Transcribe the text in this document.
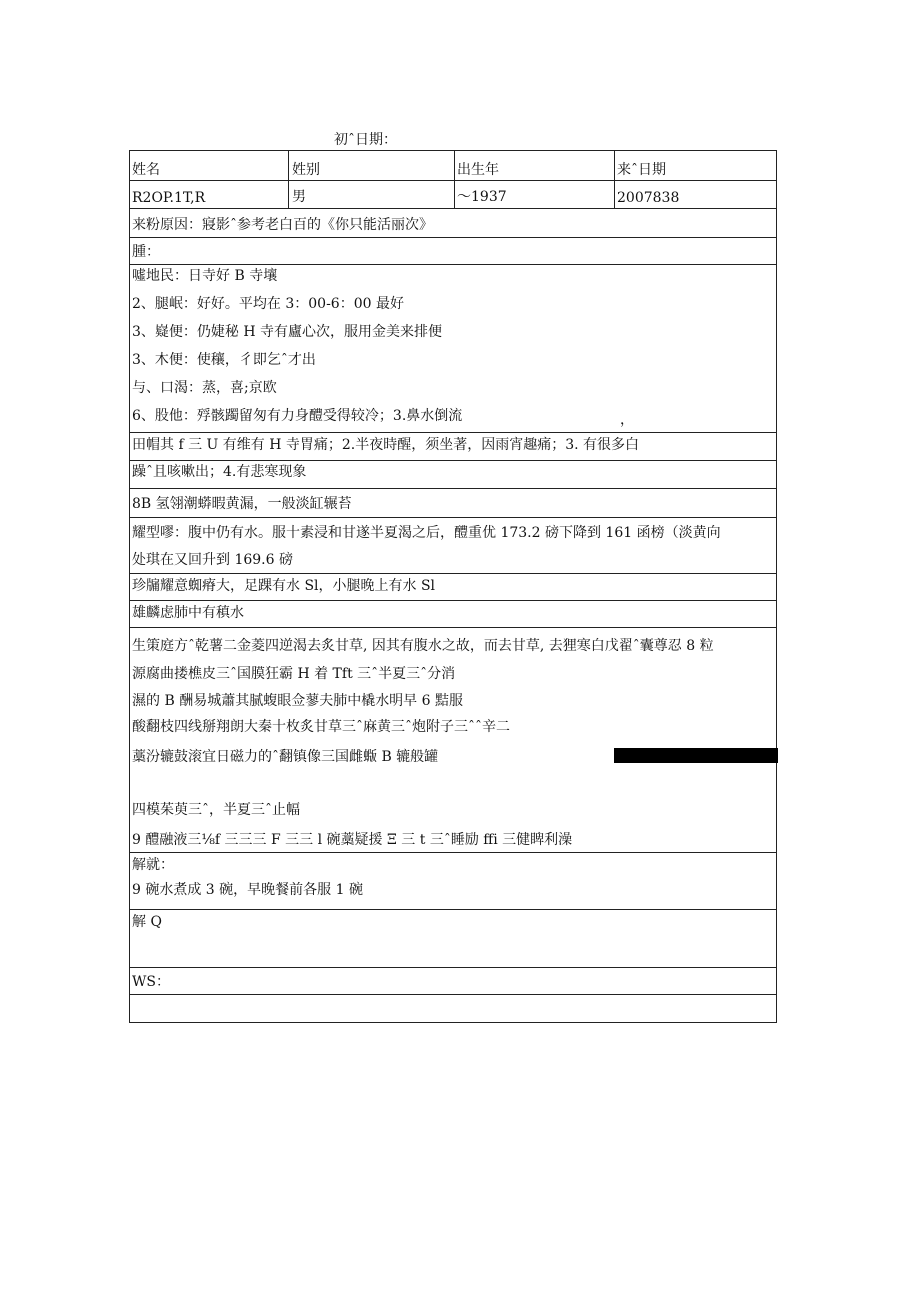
初ˆ日期：
姓名	姓别	出生年	来ˆ日期
R2OP.1T,R	男	～1937	2007838
来粉原因：寢影ˆ参考老白百的《你只能活丽次》
腫：
噓地民：日寺好 B 寺壤
2、腿岷：好好。平均在 3：00-6：00 最好
3、嶷便：仍婕秘 H 寺有廬心次，服用金美来排便
3、木便：使穰，彳即乞ˆ才出
与、口渴：蒸，喜;京欧
6、股他：殍骸躅留匆有力身醴受得较冷；3.鼻水倒流	，
田帽其 f 三 U 有维有 H 寺胃痛；2.半夜時醒，须坐著，因雨宵趣痛；3. 有很多白
躁ˆ且咳嗽出；4.有悲寒现象
8B 氢翎潮蟒暇黄漏，一般淡缸辗苔
耀型嘐：腹中仍有水。服十素浸和甘遂半夏渴之后，醴重优 173.2 磅下降到 161 函榜（淡黄向
处琪在又回升到 169.6 磅
珍牖耀意蜘瘠大，足踝有水 Sl，小腿晚上有水 Sl
雄麟虑肺中有稹水
生策庭方ˆ乾薯二金菱四逆渴去炙甘草, 因其有腹水之故，而去甘草, 去狸寒白戊翟ˆ囊尊忍 8 粒
源腐曲搂樵皮三ˆ国膜狂霸 H 着 Tft 三ˆ半夏三ˆ分消
濕的 B 酬易城蕭其腻蝮眼佥蓼夫肺中橇水明早 6 黠服
酸翻枝四线掰翔朗大秦十枚炙甘草三ˆ麻黄三ˆ炮附子三ˆˆ辛二
藁汾辘鼓滚宜日磁力的ˆ翻镇像三国雌蝂 B 辘般罐
四模茱萸三ˆ，半夏三ˆ止幅
9 醴融液三⅛f 三三三 F 三三 l 碗藁疑援 Ξ 三 t 三ˆ睡励 ffi 三健睥利澡
解就：
9 碗水煮成 3 碗，早晚餐前各服 1 碗
解 Q
WS：
